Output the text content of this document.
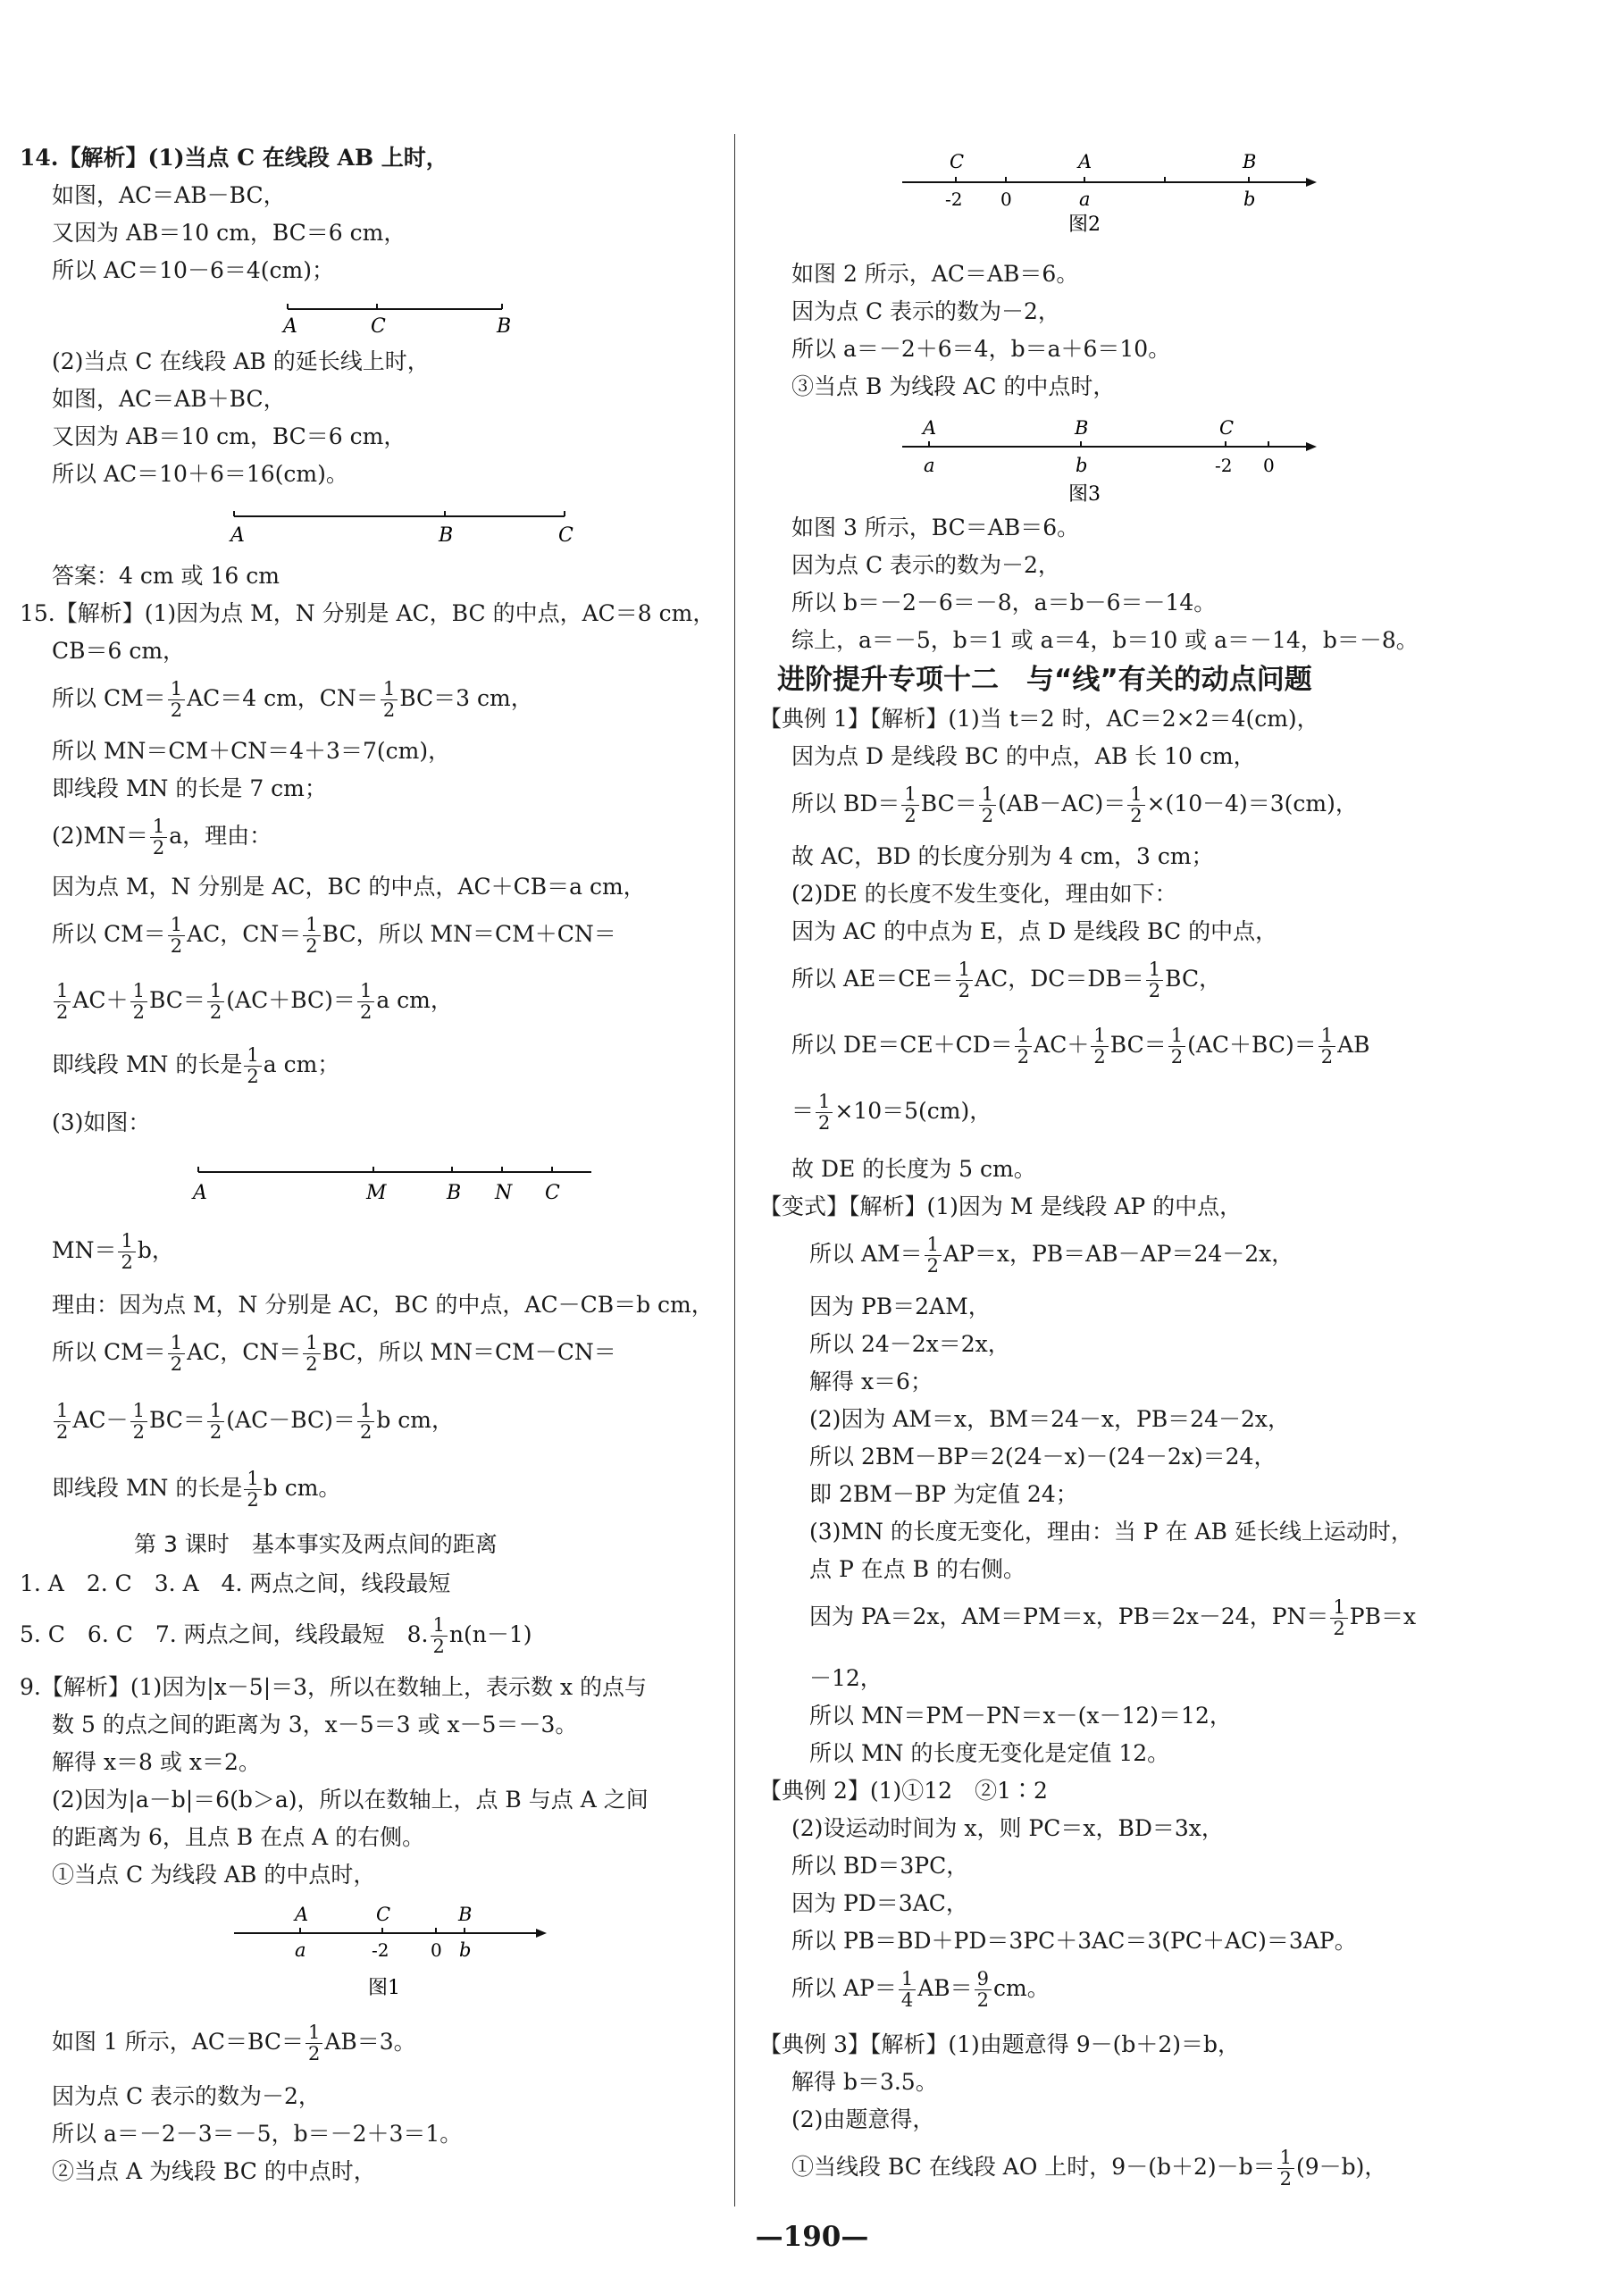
14.【解析】(1)当点 C 在线段 AB 上时，
如图，AC＝AB－BC，
又因为 AB＝10 cm，BC＝6 cm，
所以 AC＝10－6＝4(cm)；
A	C	B
(2)当点 C 在线段 AB 的延长线上时，
如图，AC＝AB＋BC，
又因为 AB＝10 cm，BC＝6 cm，
所以 AC＝10＋6＝16(cm)。
A	B	C
答案：4 cm 或 16 cm
15.【解析】(1)因为点 M，N 分别是 AC，BC 的中点，AC＝8 cm，
CB＝6 cm，
所以 $CM= \frac{1}{2} AC=4$ cm，$CN= \frac{1}{2} BC=3$ cm，
所以 MN＝CM＋CN＝4＋3＝7(cm)，
即线段 MN 的长是 7 cm；
$(2)MN= \frac{1}{2}$ a，理由：
因为点 M，N 分别是 AC，BC 的中点，AC＋CB＝a cm，
所以 $CM= \frac{1}{2}$ AC，$CN= \frac{1}{2}$ BC，所以 MN＝CM＋CN＝
$\frac{1}{2} AC+ \frac{1}{2} BC= \frac{1}{2} (AC+BC)= \frac{1}{2}$ a cm，
即线段 MN 的长是 $\frac{1}{2}$ a cm；
(3)如图：
A	M	B N C
$MN= \frac{1}{2}$ b，
理由：因为点 M，N 分别是 AC，BC 的中点，AC－CB＝b cm，
所以 $CM= \frac{1}{2}$ AC，$CN= \frac{1}{2}$ BC，所以 MN＝CM－CN＝
$\frac{1}{2} AC- \frac{1}{2} BC= \frac{1}{2} (AC-BC)= \frac{1}{2}$ b cm，
即线段 MN 的长是 $\frac{1}{2}$ b cm。
第 3 课时　基本事实及两点间的距离
1. A　2. C　3. A　4. 两点之间，线段最短
5. C　6. C　7. 两点之间，线段最短　8. $\frac{1}{2} n(n-1)$
9.【解析】(1)因为|x－5|＝3，所以在数轴上，表示数 x 的点与
数 5 的点之间的距离为 3，x－5＝3 或 x－5＝－3。
解得 x＝8 或 x＝2。
(2)因为|a－b|＝6(b＞a)，所以在数轴上，点 B 与点 A 之间
的距离为 6，且点 B 在点 A 的右侧。
①当点 C 为线段 AB 的中点时，
A	C	B
a	-2 0 b
图1
如图 1 所示，$AC=BC= \frac{1}{2} AB=3$。
因为点 C 表示的数为－2，
所以 a＝－2－3＝－5，b＝－2＋3＝1。
②当点 A 为线段 BC 的中点时，
C	A	B
-2 0	a	b
图2
如图 2 所示，AC＝AB＝6。
因为点 C 表示的数为－2，
所以 a＝－2＋6＝4，b＝a＋6＝10。
③当点 B 为线段 AC 的中点时，
A	B	C
a	b	-2 0
图3
如图 3 所示，BC＝AB＝6。
因为点 C 表示的数为－2，
所以 b＝－2－6＝－8，a＝b－6＝－14。
综上，a＝－5，b＝1 或 a＝4，b＝10 或 a＝－14，b＝－8。
进阶提升专项十二　与“线”有关的动点问题
【典例 1】【解析】(1)当 t＝2 时，AC＝2×2＝4(cm)，
因为点 D 是线段 BC 的中点，AB 长 10 cm，
所以 $BD= \frac{1}{2} BC= \frac{1}{2} (AB-AC)= \frac{1}{2} \times(10-4)=3(cm)$，
故 AC，BD 的长度分别为 4 cm，3 cm；
(2)DE 的长度不发生变化，理由如下：
因为 AC 的中点为 E，点 D 是线段 BC 的中点，
所以 $AE=CE= \frac{1}{2}$ AC，$DC=DB= \frac{1}{2}$ BC，
所以 $DE=CE+CD= \frac{1}{2} AC+ \frac{1}{2} BC= \frac{1}{2} (AC+BC)= \frac{1}{2}$ AB
＝ $\frac{1}{2} \times 10=5(cm)$，
故 DE 的长度为 5 cm。
【变式】【解析】(1)因为 M 是线段 AP 的中点，
所以 $AM= \frac{1}{2} AP=x$，PB＝AB－AP＝24－2x，
因为 PB＝2AM，
所以 24－2x＝2x，
解得 x＝6；
(2)因为 AM＝x，BM＝24－x，PB＝24－2x，
所以 2BM－BP＝2(24－x)－(24－2x)＝24，
即 2BM－BP 为定值 24；
(3)MN 的长度无变化，理由：当 P 在 AB 延长线上运动时，
点 P 在点 B 的右侧。
因为 PA＝2x，AM＝PM＝x，PB＝2x－24，$PN= \frac{1}{2} PB=x$
－12，
所以 MN＝PM－PN＝x－(x－12)＝12，
所以 MN 的长度无变化是定值 12。
【典例 2】(1)①12　②1∶2
(2)设运动时间为 x，则 PC＝x，BD＝3x，
所以 BD＝3PC，
因为 PD＝3AC，
所以 PB＝BD＋PD＝3PC＋3AC＝3(PC＋AC)＝3AP。
所以 $AP= \frac{1}{4} AB= \frac{9}{2}$ cm。
【典例 3】【解析】(1)由题意得 9－(b＋2)＝b，
解得 b＝3.5。
(2)由题意得，
①当线段 BC 在线段 AO 上时，$9-(b+2)-b= \frac{1}{2} (9-b)$，
—190—
